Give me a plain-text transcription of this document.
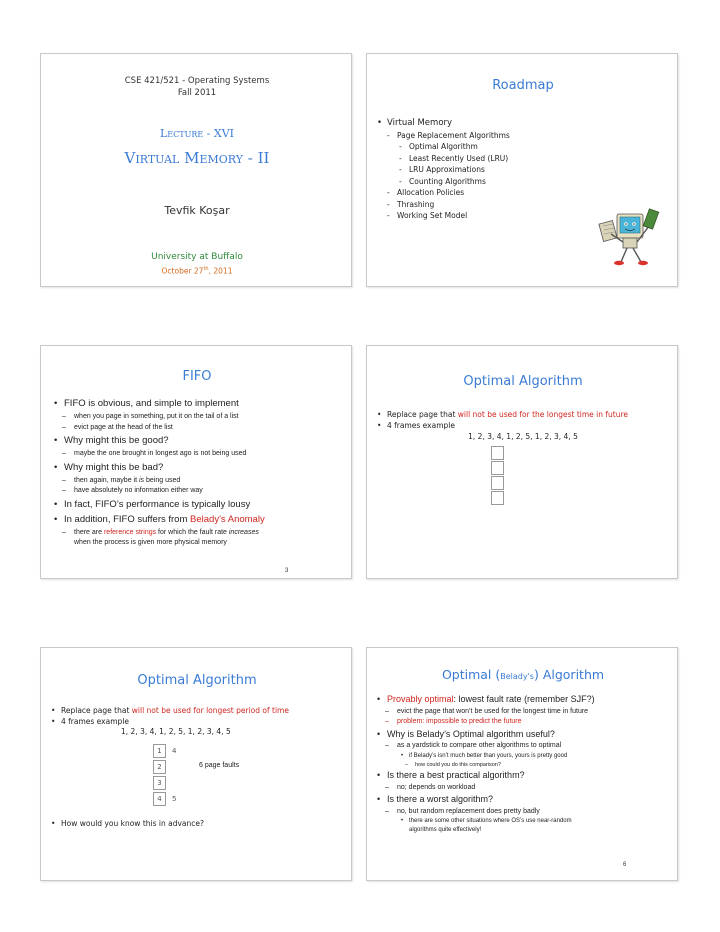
CSE 421/521 - Operating Systems
Fall 2011
Lecture - XVI
Virtual Memory - II
Tevfik Koşar
University at Buffalo
October 27th, 2011
Roadmap
• Virtual Memory
- Page Replacement Algorithms
- Optimal Algorithm
- Least Recently Used (LRU)
- LRU Approximations
- Counting Algorithms
- Allocation Policies
- Thrashing
- Working Set Model
FIFO
• FIFO is obvious, and simple to implement
– when you page in something, put it on the tail of a list
– evict page at the head of the list
• Why might this be good?
– maybe the one brought in longest ago is not being used
• Why might this be bad?
– then again, maybe it is being used
– have absolutely no information either way
• In fact, FIFO’s performance is typically lousy
• In addition, FIFO suffers from Belady's Anomaly
– there are reference strings for which the fault rate increases
when the process is given more physical memory
3
Optimal Algorithm
• Replace page that will not be used for the longest time in future
• 4 frames example
1, 2, 3, 4, 1, 2, 5, 1, 2, 3, 4, 5
Optimal Algorithm
• Replace page that will not be used for longest period of time
• 4 frames example
1, 2, 3, 4, 1, 2, 5, 1, 2, 3, 4, 5
1
2
3
4
4
5
6 page faults
• How would you know this in advance?
Optimal (Belady's) Algorithm
• Provably optimal: lowest fault rate (remember SJF?)
– evict the page that won’t be used for the longest time in future
– problem: impossible to predict the future
• Why is Belady’s Optimal algorithm useful?
– as a yardstick to compare other algorithms to optimal
• if Belady’s isn’t much better than yours, yours is pretty good
– how could you do this comparison?
• Is there a best practical algorithm?
– no; depends on workload
• Is there a worst algorithm?
– no, but random replacement does pretty badly
• there are some other situations where OS’s use near-random
algorithms quite effectively!
6
